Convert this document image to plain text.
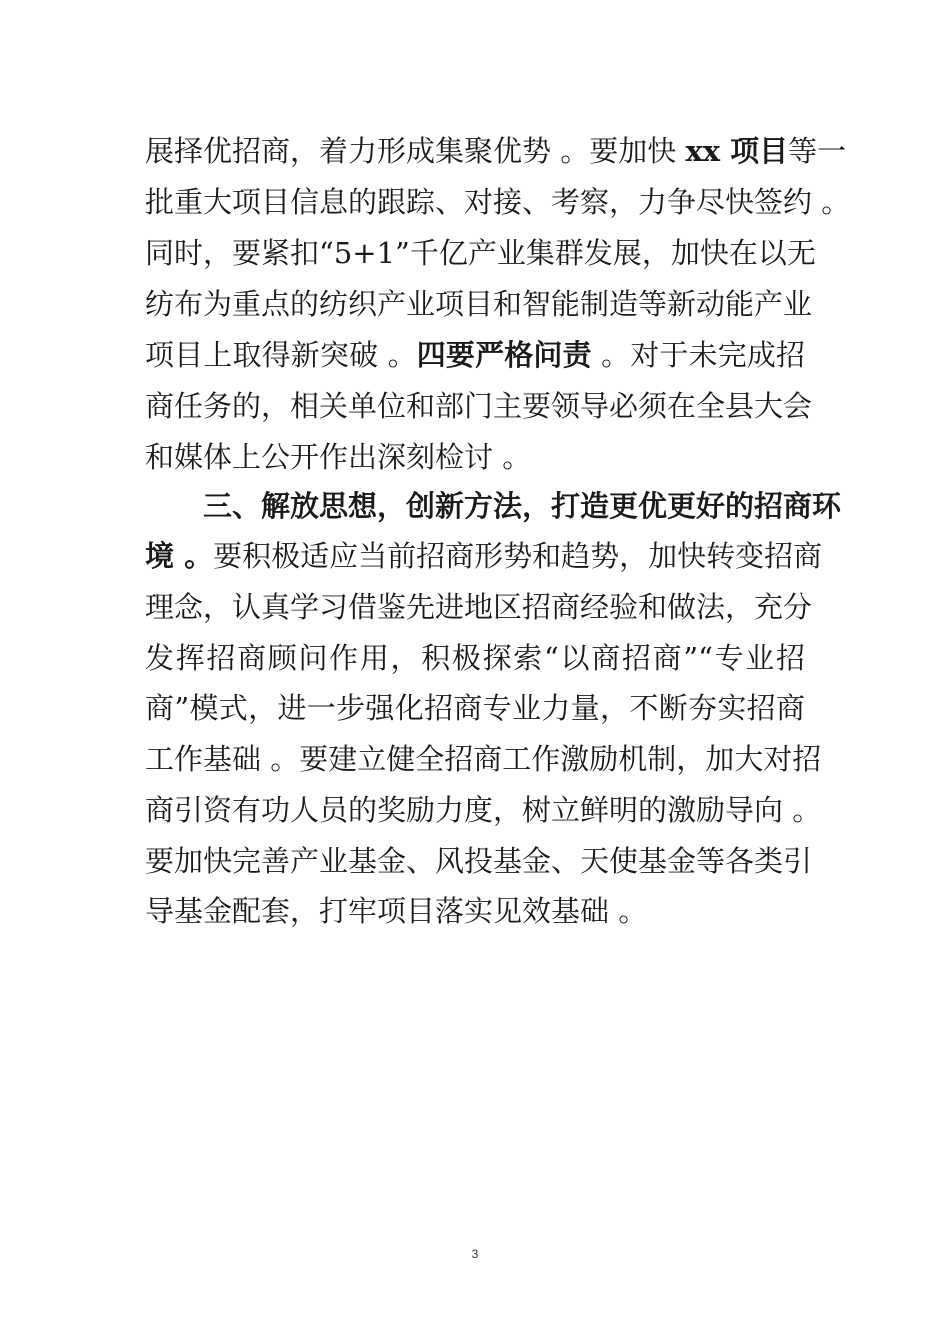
展择优招商，着力形成集聚优势 。要加快 xx 项目等一
批重大项目信息的跟踪、对接、考察，力争尽快签约 。
同时，要紧扣“5+1”千亿产业集群发展，加快在以无
纺布为重点的纺织产业项目和智能制造等新动能产业
项目上取得新突破 。四要严格问责 。对于未完成招
商任务的，相关单位和部门主要领导必须在全县大会
和媒体上公开作出深刻检讨 。
三、解放思想，创新方法，打造更优更好的招商环
境 。要积极适应当前招商形势和趋势，加快转变招商
理念，认真学习借鉴先进地区招商经验和做法，充分
发挥招商顾问作用，积极探索“以商招商”“专业招
商”模式，进一步强化招商专业力量，不断夯实招商
工作基础 。要建立健全招商工作激励机制，加大对招
商引资有功人员的奖励力度，树立鲜明的激励导向 。
要加快完善产业基金、风投基金、天使基金等各类引
导基金配套，打牢项目落实见效基础 。
3
